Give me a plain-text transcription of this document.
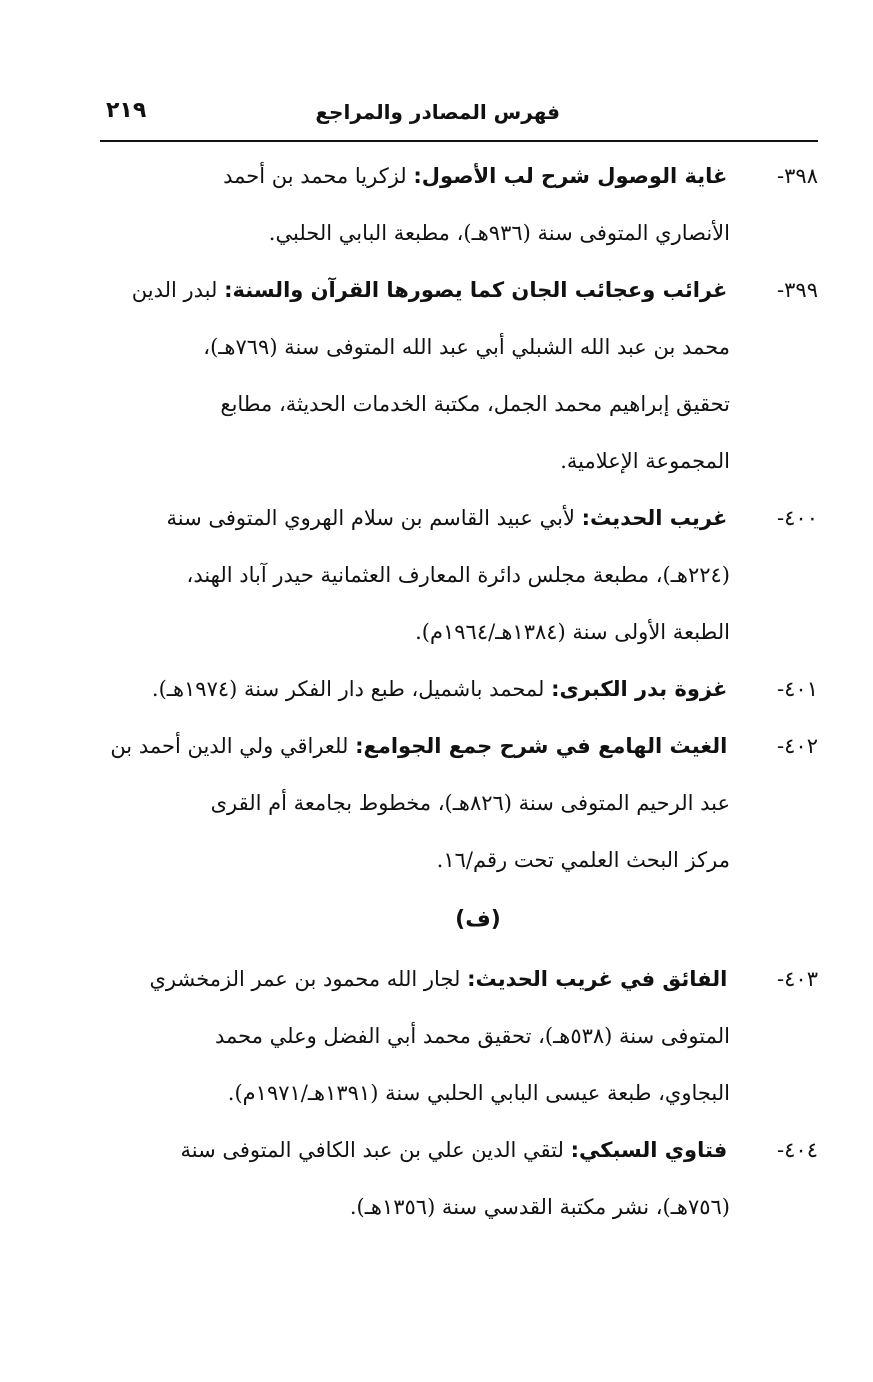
فهرس المصادر والمراجع
٢١٩
٣٩٨- غاية الوصول شرح لب الأصول: لزكريا محمد بن أحمد
الأنصاري المتوفى سنة (٩٣٦هـ)، مطبعة البابي الحلبي.
٣٩٩- غرائب وعجائب الجان كما يصورها القرآن والسنة: لبدر الدين
محمد بن عبد الله الشبلي أبي عبد الله المتوفى سنة (٧٦٩هـ)،
تحقيق إبراهيم محمد الجمل، مكتبة الخدمات الحديثة، مطابع
المجموعة الإعلامية.
٤٠٠- غريب الحديث: لأبي عبيد القاسم بن سلام الهروي المتوفى سنة
(٢٢٤هـ)، مطبعة مجلس دائرة المعارف العثمانية حيدر آباد الهند،
الطبعة الأولى سنة (١٣٨٤هـ/١٩٦٤م).
٤٠١- غزوة بدر الكبرى: لمحمد باشميل، طبع دار الفكر سنة (١٩٧٤هـ).
٤٠٢- الغيث الهامع في شرح جمع الجوامع: للعراقي ولي الدين أحمد بن
عبد الرحيم المتوفى سنة (٨٢٦هـ)، مخطوط بجامعة أم القرى
مركز البحث العلمي تحت رقم/١٦.
(ف)
٤٠٣- الفائق في غريب الحديث: لجار الله محمود بن عمر الزمخشري
المتوفى سنة (٥٣٨هـ)، تحقيق محمد أبي الفضل وعلي محمد
البجاوي، طبعة عيسى البابي الحلبي سنة (١٣٩١هـ/١٩٧١م).
٤٠٤- فتاوي السبكي: لتقي الدين علي بن عبد الكافي المتوفى سنة
(٧٥٦هـ)، نشر مكتبة القدسي سنة (١٣٥٦هـ).
